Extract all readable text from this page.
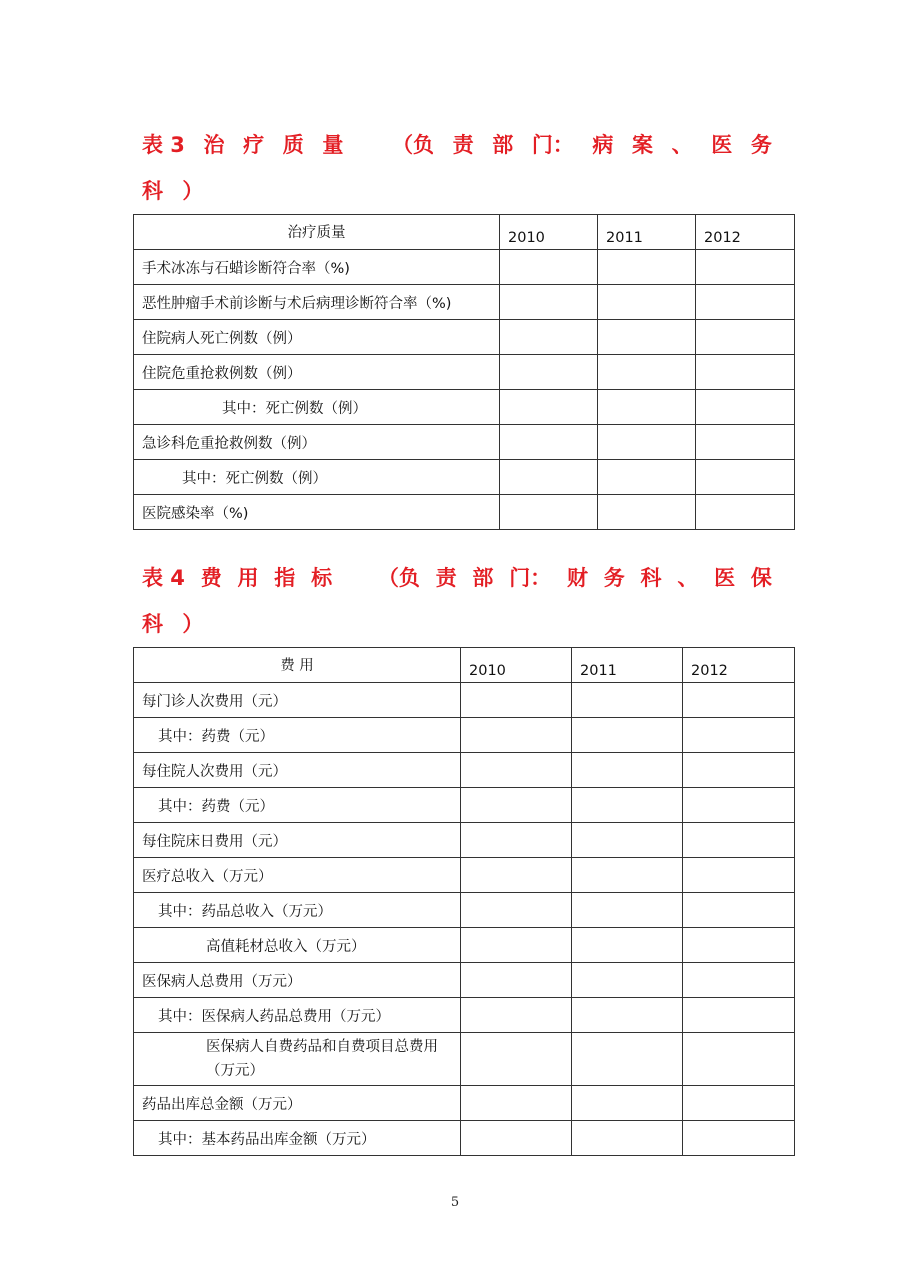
表 3 治 疗 质 量 （负 责 部 门： 病 案 、 医 务
科 ）
治疗质量	2010	2011	2012
手术冰冻与石蜡诊断符合率（%)			
恶性肿瘤手术前诊断与术后病理诊断符合率（%)			
住院病人死亡例数（例）			
住院危重抢救例数（例）			
其中：死亡例数（例）			
急诊科危重抢救例数（例）			
其中：死亡例数（例）			
医院感染率（%)			
表 4 费 用 指 标 （负 责 部 门： 财 务 科 、 医 保
科 ）
费 用	2010	2011	2012
每门诊人次费用（元）			
其中：药费（元）			
每住院人次费用（元）			
其中：药费（元）			
每住院床日费用（元）			
医疗总收入（万元）			
其中：药品总收入（万元）			
高值耗材总收入（万元）			
医保病人总费用（万元）			
其中：医保病人药品总费用（万元）			
医保病人自费药品和自费项目总费用（万元）			
药品出库总金额（万元）			
其中：基本药品出库金额（万元）			
5
